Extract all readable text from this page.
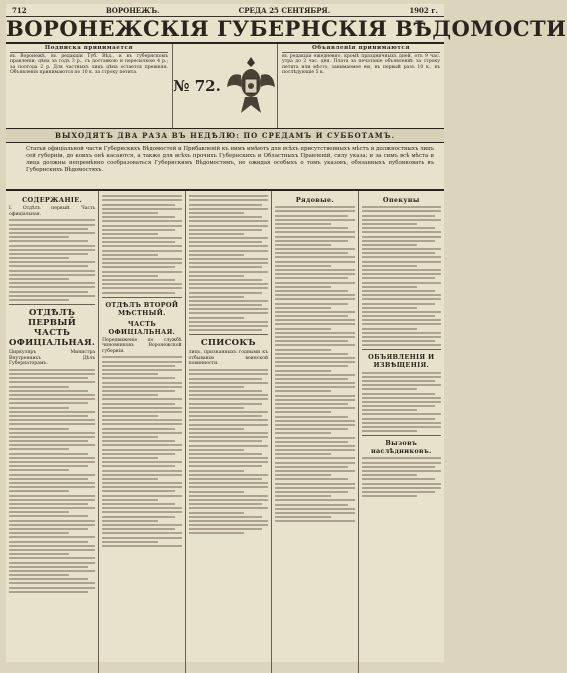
712	ВОРОНЕЖЪ.	СРЕДА 25 СЕНТЯБРЯ.	1902 г.
ВОРОНЕЖСКІЯ ГУБЕРНСКІЯ ВѢДОМОСТИ
Подписка принимается
въ Воронежѣ, въ редакціи Губ. Вѣд., и въ губернскомъ правленіи; цѣна за годъ 3 р., съ доставкою и пересылкою 4 р.; за полгода 2 р. Для частныхъ лицъ цѣна остается прежняя. Объявленія принимаются по 10 к. за строку петита.
№ 72.
Объявленія принимаются
въ редакціи ежедневно, кромѣ праздничныхъ дней, отъ 9 час. утра до 2 час. дня. Плата за печатаніе объявленій: за строку петита или мѣсто, занимаемое ею, въ первый разъ 10 к., въ послѣдующіе 5 к.
ВЫХОДЯТЪ ДВА РАЗА ВЪ НЕДѢЛЮ: ПО СРЕДАМЪ И СУББОТАМЪ.
Статьи офиціальной части Губернскихъ Вѣдомостей и Прибавленій къ нимъ имѣютъ для всѣхъ присутственныхъ мѣстъ и должностныхъ лицъ сей губерніи, до коихъ онѣ касаются, а также для всѣхъ прочихъ Губернскихъ и Областныхъ Правленій, силу указа; и за симъ всѣ мѣста и лица должны непремѣнно сообразоваться Губернскимъ Вѣдомостямъ, не ожидая особыхъ о томъ указовъ, обязанныхъ публиковать въ Губернскихъ Вѣдомостяхъ.
СОДЕРЖАНІЕ.
I. Отдѣлъ первый. Часть офиціальная.
ОТДѢЛЪ ПЕРВЫЙ ЧАСТЬ ОФИЦІАЛЬНАЯ.
Циркуляръ Министра Внутреннихъ Дѣлъ Губернаторамъ.
ОТДѢЛЪ ВТОРОЙ МѢСТНЫЙ.
ЧАСТЬ ОФИЦІАЛЬНАЯ.
Передвиженіе по службѣ чиновниковъ Воронежской губерніи.
СПИСОКЪ
лицъ, признанныхъ годными къ отбыванію воинской повинности.
Рядовые.	Опекуны
ОБЪЯВЛЕНІЯ И ИЗВѢЩЕНІЯ.
Вызовъ наслѣдниковъ.
